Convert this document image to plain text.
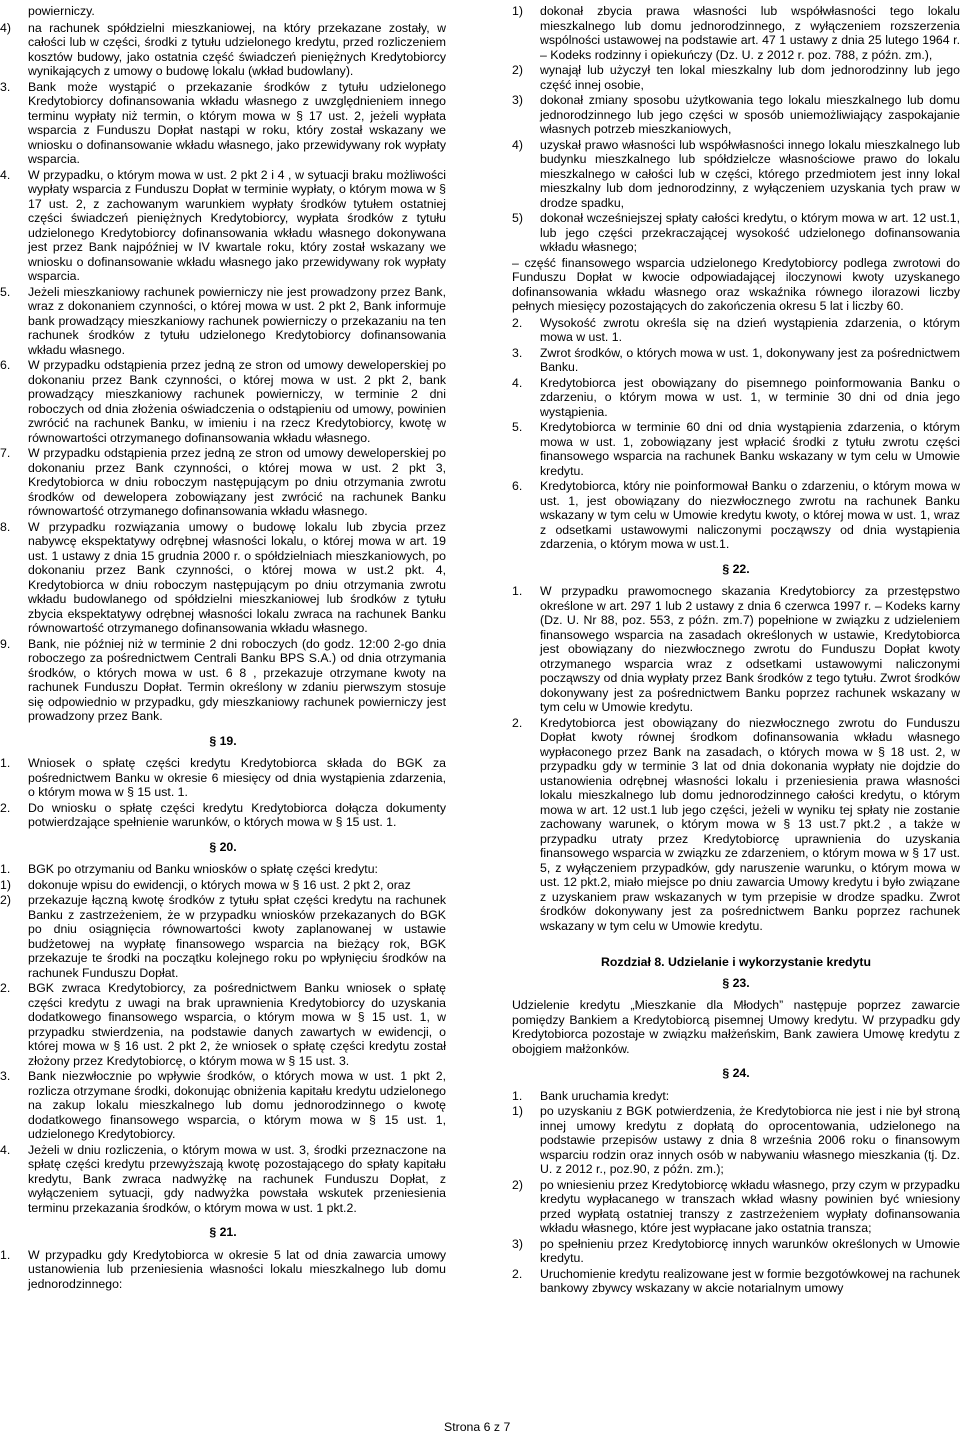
powierniczy.
4) na rachunek spółdzielni mieszkaniowej, na który przekazane zostały, w całości lub w części, środki z tytułu udzielonego kredytu, przed rozliczeniem kosztów budowy, jako ostatnia część świadczeń pieniężnych Kredytobiorcy wynikających z umowy o budowę lokalu (wkład budowlany).
3. Bank może wystąpić o przekazanie środków z tytułu udzielonego Kredytobiorcy dofinansowania wkładu własnego z uwzględnieniem innego terminu wypłaty niż termin, o którym mowa w § 17 ust. 2, jeżeli wypłata wsparcia z Funduszu Dopłat nastąpi w roku, który został wskazany we wniosku o dofinansowanie wkładu własnego, jako przewidywany rok wypłaty wsparcia.
4. W przypadku, o którym mowa w ust. 2 pkt 2 i 4 , w sytuacji braku możliwości wypłaty wsparcia z Funduszu Dopłat w terminie wypłaty, o którym mowa w § 17 ust. 2, z zachowanym warunkiem wypłaty środków tytułem ostatniej części świadczeń pieniężnych Kredytobiorcy, wypłata środków z tytułu udzielonego Kredytobiorcy dofinansowania wkładu własnego dokonywana jest przez Bank najpóźniej w IV kwartale roku, który został wskazany we wniosku o dofinansowanie wkładu własnego jako przewidywany rok wypłaty wsparcia.
5. Jeżeli mieszkaniowy rachunek powierniczy nie jest prowadzony przez Bank, wraz z dokonaniem czynności, o której mowa w ust. 2 pkt 2, Bank informuje bank prowadzący mieszkaniowy rachunek powierniczy o przekazaniu na ten rachunek środków z tytułu udzielonego Kredytobiorcy dofinansowania wkładu własnego.
6. W przypadku odstąpienia przez jedną ze stron od umowy deweloperskiej po dokonaniu przez Bank czynności, o której mowa w ust. 2 pkt 2, bank prowadzący mieszkaniowy rachunek powierniczy, w terminie 2 dni roboczych od dnia złożenia oświadczenia o odstąpieniu od umowy, powinien zwrócić na rachunek Banku, w imieniu i na rzecz Kredytobiorcy, kwotę w równowartości otrzymanego dofinansowania wkładu własnego.
7. W przypadku odstąpienia przez jedną ze stron od umowy deweloperskiej po dokonaniu przez Bank czynności, o której mowa w ust. 2 pkt 3, Kredytobiorca w dniu roboczym następującym po dniu otrzymania zwrotu środków od dewelopera zobowiązany jest zwrócić na rachunek Banku równowartość otrzymanego dofinansowania wkładu własnego.
8. W przypadku rozwiązania umowy o budowę lokalu lub zbycia przez nabywcę ekspektatywy odrębnej własności lokalu, o której mowa w art. 19 ust. 1 ustawy z dnia 15 grudnia 2000 r. o spółdzielniach mieszkaniowych, po dokonaniu przez Bank czynności, o której mowa w ust.2 pkt. 4, Kredytobiorca w dniu roboczym następującym po dniu otrzymania zwrotu wkładu budowlanego od spółdzielni mieszkaniowej lub środków z tytułu zbycia ekspektatywy odrębnej własności lokalu zwraca na rachunek Banku równowartość otrzymanego dofinansowania wkładu własnego.
9. Bank, nie później niż w terminie 2 dni roboczych (do godz. 12:00 2-go dnia roboczego za pośrednictwem Centrali Banku BPS S.A.) od dnia otrzymania środków, o których mowa w ust. 6 8 , przekazuje otrzymane kwoty na rachunek Funduszu Dopłat. Termin określony w zdaniu pierwszym stosuje się odpowiednio w przypadku, gdy mieszkaniowy rachunek powierniczy jest prowadzony przez Bank.
§ 19.
1. Wniosek o spłatę części kredytu Kredytobiorca składa do BGK za pośrednictwem Banku w okresie 6 miesięcy od dnia wystąpienia zdarzenia, o którym mowa w § 15 ust. 1.
2. Do wniosku o spłatę części kredytu Kredytobiorca dołącza dokumenty potwierdzające spełnienie warunków, o których mowa w § 15 ust. 1.
§ 20.
1. BGK po otrzymaniu od Banku wniosków o spłatę części kredytu:
1) dokonuje wpisu do ewidencji, o których mowa w § 16 ust. 2 pkt 2, oraz
2) przekazuje łączną kwotę środków z tytułu spłat części kredytu na rachunek Banku z zastrzeżeniem, że w przypadku wniosków przekazanych do BGK po dniu osiągnięcia równowartości kwoty zaplanowanej w ustawie budżetowej na wypłatę finansowego wsparcia na bieżący rok, BGK przekazuje te środki na początku kolejnego roku po wpłynięciu środków na rachunek Funduszu Dopłat.
2. BGK zwraca Kredytobiorcy, za pośrednictwem Banku wniosek o spłatę części kredytu z uwagi na brak uprawnienia Kredytobiorcy do uzyskania dodatkowego finansowego wsparcia, o którym mowa w § 15 ust. 1, w przypadku stwierdzenia, na podstawie danych zawartych w ewidencji, o której mowa w § 16 ust. 2 pkt 2, że wniosek o spłatę części kredytu został złożony przez Kredytobiorcę, o którym mowa w § 15 ust. 3.
3. Bank niezwłocznie po wpływie środków, o których mowa w ust. 1 pkt 2, rozlicza otrzymane środki, dokonując obniżenia kapitału kredytu udzielonego na zakup lokalu mieszkalnego lub domu jednorodzinnego o kwotę dodatkowego finansowego wsparcia, o którym mowa w § 15 ust. 1, udzielonego Kredytobiorcy.
4. Jeżeli w dniu rozliczenia, o którym mowa w ust. 3, środki przeznaczone na spłatę części kredytu przewyższają kwotę pozostającego do spłaty kapitału kredytu, Bank zwraca nadwyżkę na rachunek Funduszu Dopłat, z wyłączeniem sytuacji, gdy nadwyżka powstała wskutek przeniesienia terminu przekazania środków, o którym mowa w ust. 1 pkt.2.
§ 21.
1. W przypadku gdy Kredytobiorca w okresie 5 lat od dnia zawarcia umowy ustanowienia lub przeniesienia własności lokalu mieszkalnego lub domu jednorodzinnego:
1) dokonał zbycia prawa własności lub współwłasności tego lokalu mieszkalnego lub domu jednorodzinnego, z wyłączeniem rozszerzenia wspólności ustawowej na podstawie art. 47 1 ustawy z dnia 25 lutego 1964 r. – Kodeks rodzinny i opiekuńczy (Dz. U. z 2012 r. poz. 788, z późn. zm.),
2) wynajął lub użyczył ten lokal mieszkalny lub dom jednorodzinny lub jego część innej osobie,
3) dokonał zmiany sposobu użytkowania tego lokalu mieszkalnego lub domu jednorodzinnego lub jego części w sposób uniemożliwiający zaspokajanie własnych potrzeb mieszkaniowych,
4) uzyskał prawo własności lub współwłasności innego lokalu mieszkalnego lub budynku mieszkalnego lub spółdzielcze własnościowe prawo do lokalu mieszkalnego w całości lub w części, którego przedmiotem jest inny lokal mieszkalny lub dom jednorodzinny, z wyłączeniem uzyskania tych praw w drodze spadku,
5) dokonał wcześniejszej spłaty całości kredytu, o którym mowa w art. 12 ust.1, lub jego części przekraczającej wysokość udzielonego dofinansowania wkładu własnego;
– część finansowego wsparcia udzielonego Kredytobiorcy podlega zwrotowi do Funduszu Dopłat w kwocie odpowiadającej iloczynowi kwoty uzyskanego dofinansowania wkładu własnego oraz wskaźnika równego ilorazowi liczby pełnych miesięcy pozostających do zakończenia okresu 5 lat i liczby 60.
2. Wysokość zwrotu określa się na dzień wystąpienia zdarzenia, o którym mowa w ust. 1.
3. Zwrot środków, o których mowa w ust. 1, dokonywany jest za pośrednictwem Banku.
4. Kredytobiorca jest obowiązany do pisemnego poinformowania Banku o zdarzeniu, o którym mowa w ust. 1, w terminie 30 dni od dnia jego wystąpienia.
5. Kredytobiorca w terminie 60 dni od dnia wystąpienia zdarzenia, o którym mowa w ust. 1, zobowiązany jest wpłacić środki z tytułu zwrotu części finansowego wsparcia na rachunek Banku wskazany w tym celu w Umowie kredytu.
6. Kredytobiorca, który nie poinformował Banku o zdarzeniu, o którym mowa w ust. 1, jest obowiązany do niezwłocznego zwrotu na rachunek Banku wskazany w tym celu w Umowie kredytu kwoty, o której mowa w ust. 1, wraz z odsetkami ustawowymi naliczonymi począwszy od dnia wystąpienia zdarzenia, o którym mowa w ust.1.
§ 22.
1. W przypadku prawomocnego skazania Kredytobiorcy za przestępstwo określone w art. 297 1 lub 2 ustawy z dnia 6 czerwca 1997 r. – Kodeks karny (Dz. U. Nr 88, poz. 553, z późn. zm.7) popełnione w związku z udzieleniem finansowego wsparcia na zasadach określonych w ustawie, Kredytobiorca jest obowiązany do niezwłocznego zwrotu do Funduszu Dopłat kwoty otrzymanego wsparcia wraz z odsetkami ustawowymi naliczonymi począwszy od dnia wypłaty przez Bank środków z tego tytułu. Zwrot środków dokonywany jest za pośrednictwem Banku poprzez rachunek wskazany w tym celu w Umowie kredytu.
2. Kredytobiorca jest obowiązany do niezwłocznego zwrotu do Funduszu Dopłat kwoty równej środkom dofinansowania wkładu własnego wypłaconego przez Bank na zasadach, o których mowa w § 18 ust. 2, w przypadku gdy w terminie 3 lat od dnia dokonania wypłaty nie dojdzie do ustanowienia odrębnej własności lokalu i przeniesienia prawa własności lokalu mieszkalnego lub domu jednorodzinnego całości kredytu, o którym mowa w art. 12 ust.1 lub jego części, jeżeli w wyniku tej spłaty nie zostanie zachowany warunek, o którym mowa w § 13 ust.7 pkt.2 , a także w przypadku utraty przez Kredytobiorcę uprawnienia do uzyskania finansowego wsparcia w związku ze zdarzeniem, o którym mowa w § 17 ust. 5, z wyłączeniem przypadków, gdy naruszenie warunku, o którym mowa w ust. 12 pkt.2, miało miejsce po dniu zawarcia Umowy kredytu i było związane z uzyskaniem praw wskazanych w tym przepisie w drodze spadku. Zwrot środków dokonywany jest za pośrednictwem Banku poprzez rachunek wskazany w tym celu w Umowie kredytu.
Rozdział 8. Udzielanie i wykorzystanie kredytu
§ 23.
Udzielenie kredytu „Mieszkanie dla Młodych” następuje poprzez zawarcie pomiędzy Bankiem a Kredytobiorcą pisemnej Umowy kredytu. W przypadku gdy Kredytobiorca pozostaje w związku małżeńskim, Bank zawiera Umowę kredytu z obojgiem małżonków.
§ 24.
1. Bank uruchamia kredyt:
1) po uzyskaniu z BGK potwierdzenia, że Kredytobiorca nie jest i nie był stroną innej umowy kredytu z dopłatą do oprocentowania, udzielonego na podstawie przepisów ustawy z dnia 8 września 2006 roku o finansowym wsparciu rodzin oraz innych osób w nabywaniu własnego mieszkania (tj. Dz. U. z 2012 r., poz.90, z późn. zm.);
2) po wniesieniu przez Kredytobiorcę wkładu własnego, przy czym w przypadku kredytu wypłacanego w transzach wkład własny powinien być wniesiony przed wypłatą ostatniej transzy z zastrzeżeniem wypłaty dofinansowania wkładu własnego, które jest wypłacane jako ostatnia transza;
3) po spełnieniu przez Kredytobiorcę innych warunków określonych w Umowie kredytu.
2. Uruchomienie kredytu realizowane jest w formie bezgotówkowej na rachunek bankowy zbywcy wskazany w akcie notarialnym umowy
Strona 6 z 7
